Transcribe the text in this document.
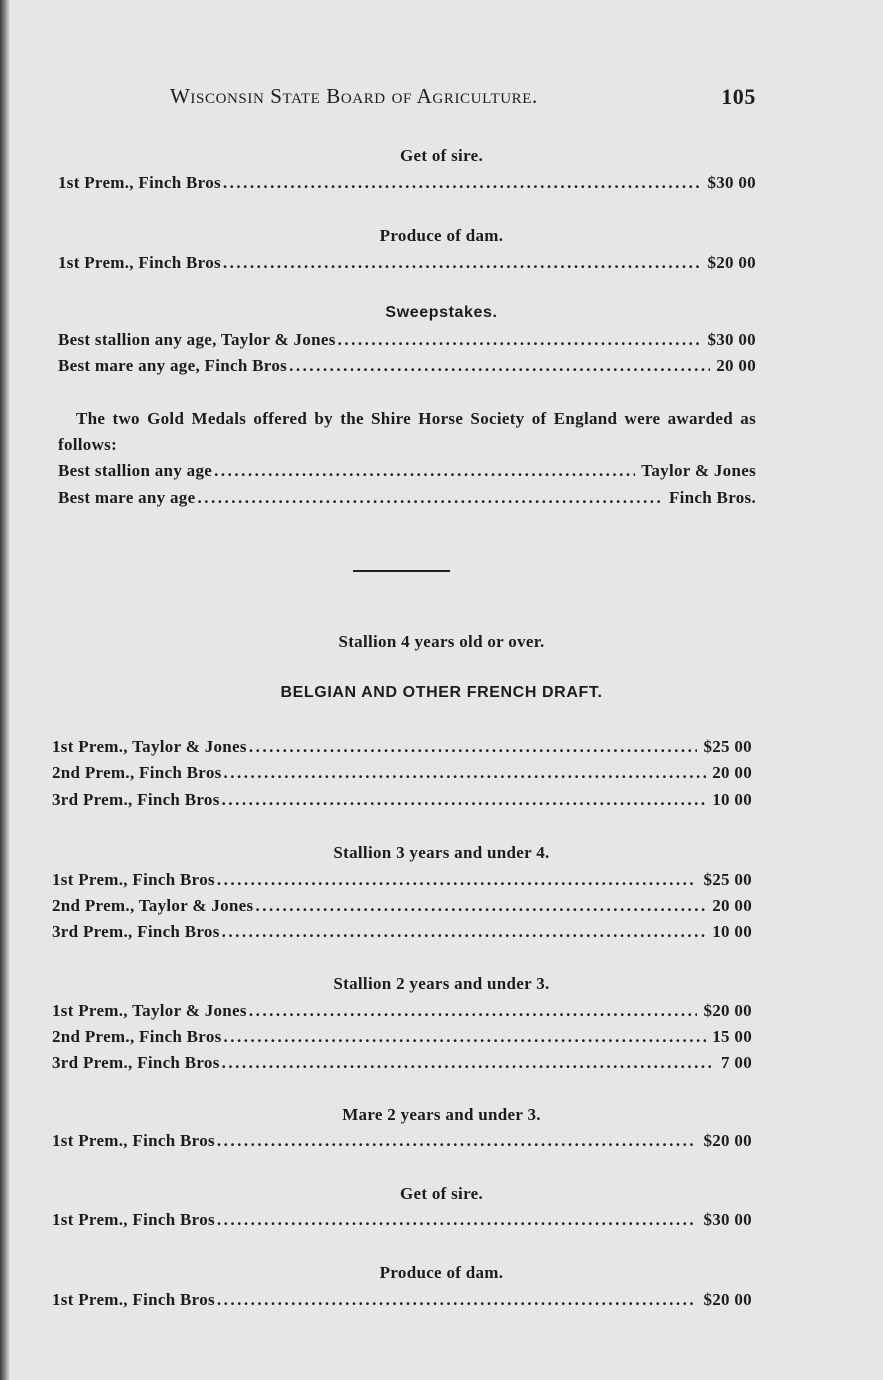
Wisconsin State Board of Agriculture.	105
Get of sire.
1st Prem., Finch Bros .....	$30 00
Produce of dam.
1st Prem., Finch Bros .....	$20 00
Sweepstakes.
Best stallion any age, Taylor & Jones .....	$30 00
Best mare any age, Finch Bros .....	20 00
The two Gold Medals offered by the Shire Horse Society of England were awarded as follows:
Best stallion any age .....	Taylor & Jones
Best mare any age .....	Finch Bros.
Stallion 4 years old or over.
BELGIAN AND OTHER FRENCH DRAFT.
1st Prem., Taylor & Jones .....	$25 00
2nd Prem., Finch Bros .....	20 00
3rd Prem., Finch Bros .....	10 00
Stallion 3 years and under 4.
1st Prem., Finch Bros .....	$25 00
2nd Prem., Taylor & Jones .....	20 00
3rd Prem., Finch Bros .....	10 00
Stallion 2 years and under 3.
1st Prem., Taylor & Jones .....	$20 00
2nd Prem., Finch Bros .....	15 00
3rd Prem., Finch Bros .....	7 00
Mare 2 years and under 3.
1st Prem., Finch Bros .....	$20 00
Get of sire.
1st Prem., Finch Bros .....	$30 00
Produce of dam.
1st Prem., Finch Bros .....	$20 00
